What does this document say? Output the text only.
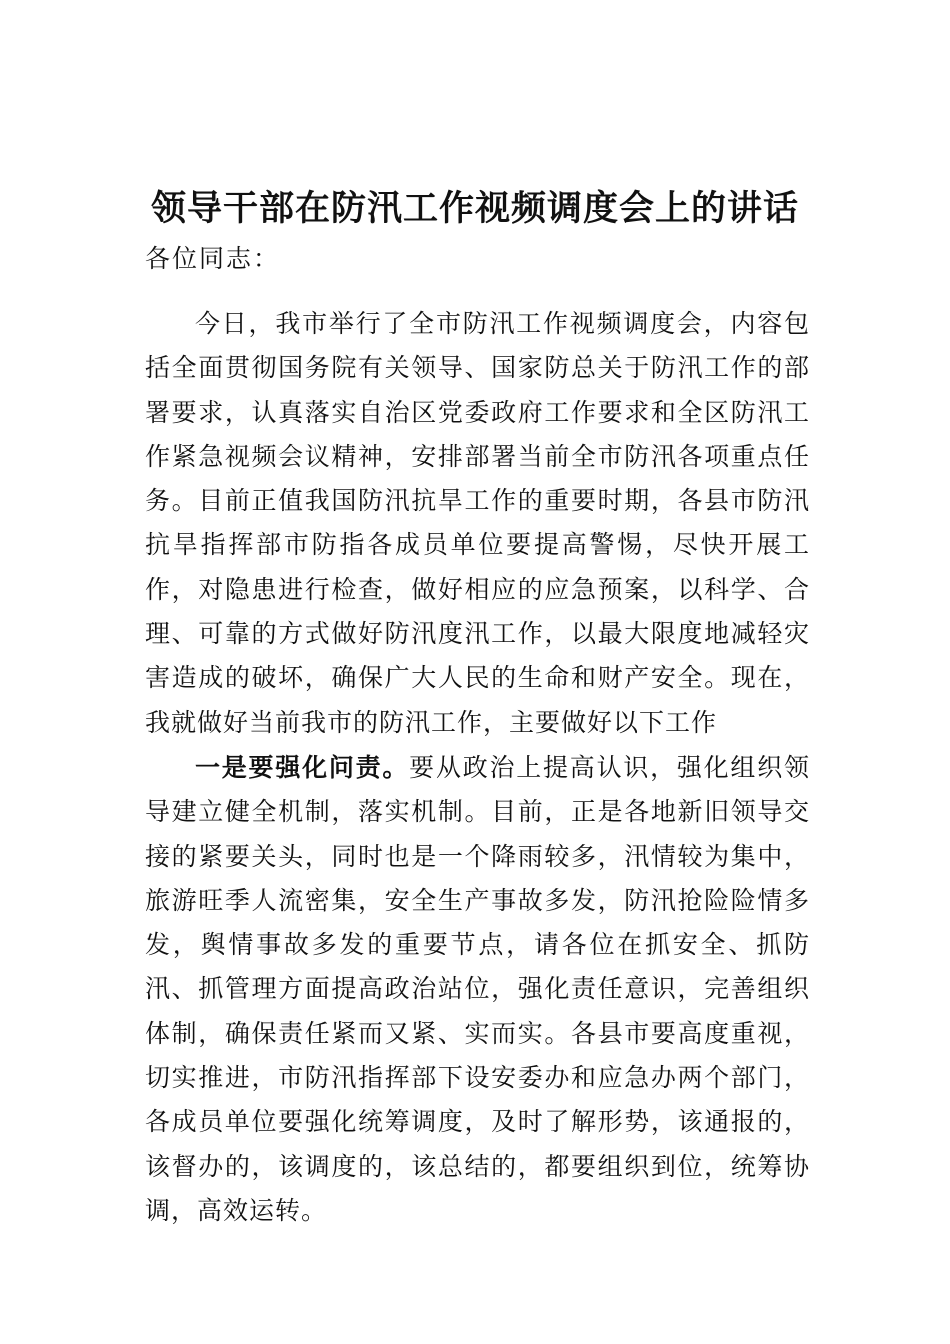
领导干部在防汛工作视频调度会上的讲话
各位同志：

今日，我市举行了全市防汛工作视频调度会，内容包括全面贯彻国务院有关领导、国家防总关于防汛工作的部署要求，认真落实自治区党委政府工作要求和全区防汛工作紧急视频会议精神，安排部署当前全市防汛各项重点任务。目前正值我国防汛抗旱工作的重要时期，各县市防汛抗旱指挥部市防指各成员单位要提高警惕，尽快开展工作，对隐患进行检查，做好相应的应急预案，以科学、合理、可靠的方式做好防汛度汛工作，以最大限度地减轻灾害造成的破坏，确保广大人民的生命和财产安全。现在，我就做好当前我市的防汛工作，主要做好以下工作

一是要强化问责。要从政治上提高认识，强化组织领导建立健全机制，落实机制。目前，正是各地新旧领导交接的紧要关头，同时也是一个降雨较多，汛情较为集中，旅游旺季人流密集，安全生产事故多发，防汛抢险险情多发，舆情事故多发的重要节点，请各位在抓安全、抓防汛、抓管理方面提高政治站位，强化责任意识，完善组织体制，确保责任紧而又紧、实而实。各县市要高度重视，切实推进，市防汛指挥部下设安委办和应急办两个部门，各成员单位要强化统筹调度，及时了解形势，该通报的，该督办的，该调度的，该总结的，都要组织到位，统筹协调，高效运转。
